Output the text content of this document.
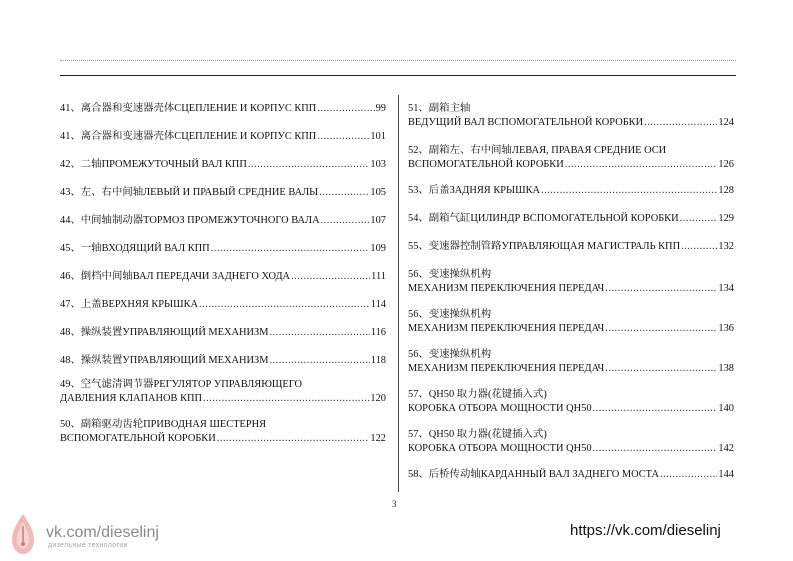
41、离合器和变速器壳体СЦЕПЛЕНИЕ И КОРПУС КПП .....	99
41、离合器和变速器壳体СЦЕПЛЕНИЕ И КОРПУС КПП .....	101
42、二轴ПРОМЕЖУТОЧНЫЙ ВАЛ КПП .....	103
43、左、右中间轴ЛЕВЫЙ И ПРАВЫЙ СРЕДНИЕ ВАЛЫ .....	105
44、中间轴制动器ТОРМОЗ ПРОМЕЖУТОЧНОГО ВАЛА .....	107
45、一轴ВХОДЯЩИЙ ВАЛ КПП .....	109
46、倒档中间轴ВАЛ ПЕРЕДАЧИ ЗАДНЕГО ХОДА .....	111
47、上盖ВЕРХНЯЯ КРЫШКА .....	114
48、操纵装置УПРАВЛЯЮЩИЙ МЕХАНИЗМ .....	116
48、操纵装置УПРАВЛЯЮЩИЙ МЕХАНИЗМ .....	118
49、空气滤清调节器РЕГУЛЯТОР УПРАВЛЯЮЩЕГО
ДАВЛЕНИЯ КЛАПАНОВ КПП .....	120
50、副箱驱动齿轮ПРИВОДНАЯ ШЕСТЕРНЯ
ВСПОМОГАТЕЛЬНОЙ КОРОБКИ .....	122
51、副箱主轴
ВЕДУЩИЙ ВАЛ ВСПОМОГАТЕЛЬНОЙ КОРОБКИ .....	124
52、副箱左、右中间轴ЛЕВАЯ, ПРАВАЯ СРЕДНИЕ ОСИ
ВСПОМОГАТЕЛЬНОЙ КОРОБКИ .....	126
53、后盖ЗАДНЯЯ КРЫШКА .....	128
54、副箱气缸ЦИЛИНДР ВСПОМОГАТЕЛЬНОЙ КОРОБКИ .....	129
55、变速器控制管路УПРАВЛЯЮЩАЯ МАГИСТРАЛЬ КПП .....	132
56、变速操纵机构
МЕХАНИЗМ ПЕРЕКЛЮЧЕНИЯ ПЕРЕДАЧ .....	134
56、变速操纵机构
МЕХАНИЗМ ПЕРЕКЛЮЧЕНИЯ ПЕРЕДАЧ .....	136
56、变速操纵机构
МЕХАНИЗМ ПЕРЕКЛЮЧЕНИЯ ПЕРЕДАЧ .....	138
57、QH50 取力器(花键插入式)
КОРОБКА ОТБОРА МОЩНОСТИ QH50 .....	140
57、QH50 取力器(花键插入式)
КОРОБКА ОТБОРА МОЩНОСТИ QH50 .....	142
58、后桥传动轴КАРДАННЫЙ ВАЛ ЗАДНЕГО МОСТА .....	144
3
vk.com/dieselinj
дизельные технологии
https://vk.com/dieselinj
